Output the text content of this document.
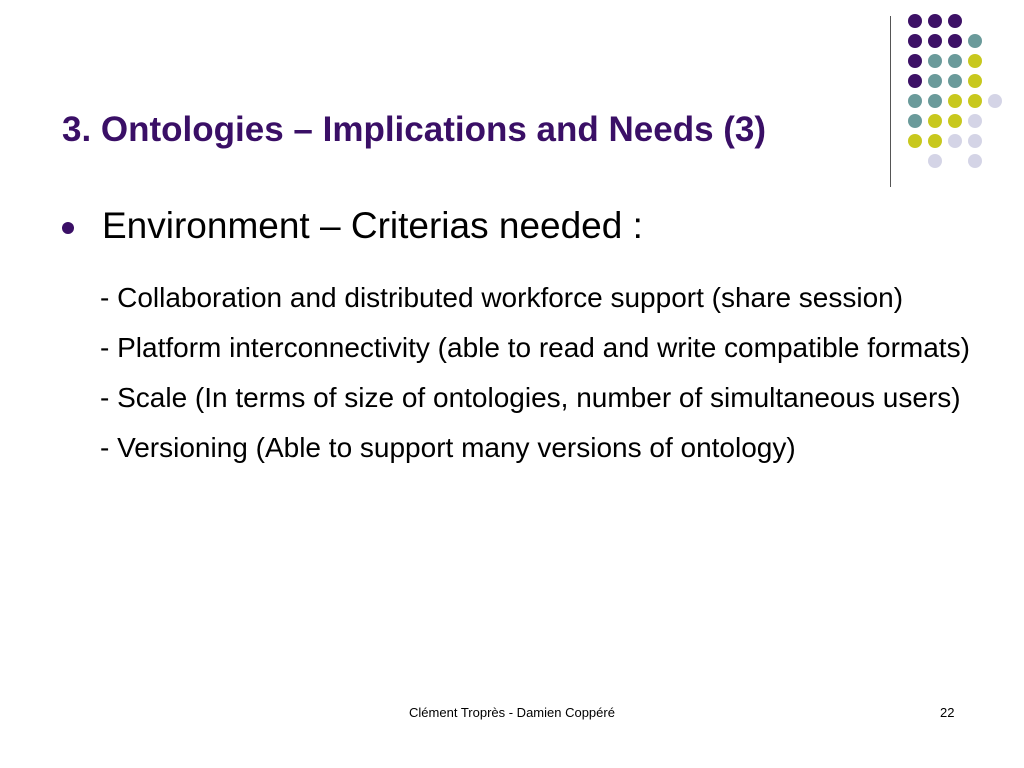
3. Ontologies – Implications and Needs (3)
Environment – Criterias needed :

- Collaboration and distributed workforce support (share session)

- Platform interconnectivity (able to read and write compatible formats)

- Scale (In terms of size of ontologies, number of simultaneous users)

- Versioning (Able to support many versions of ontology)

Clément Troprès - Damien Coppéré	22
